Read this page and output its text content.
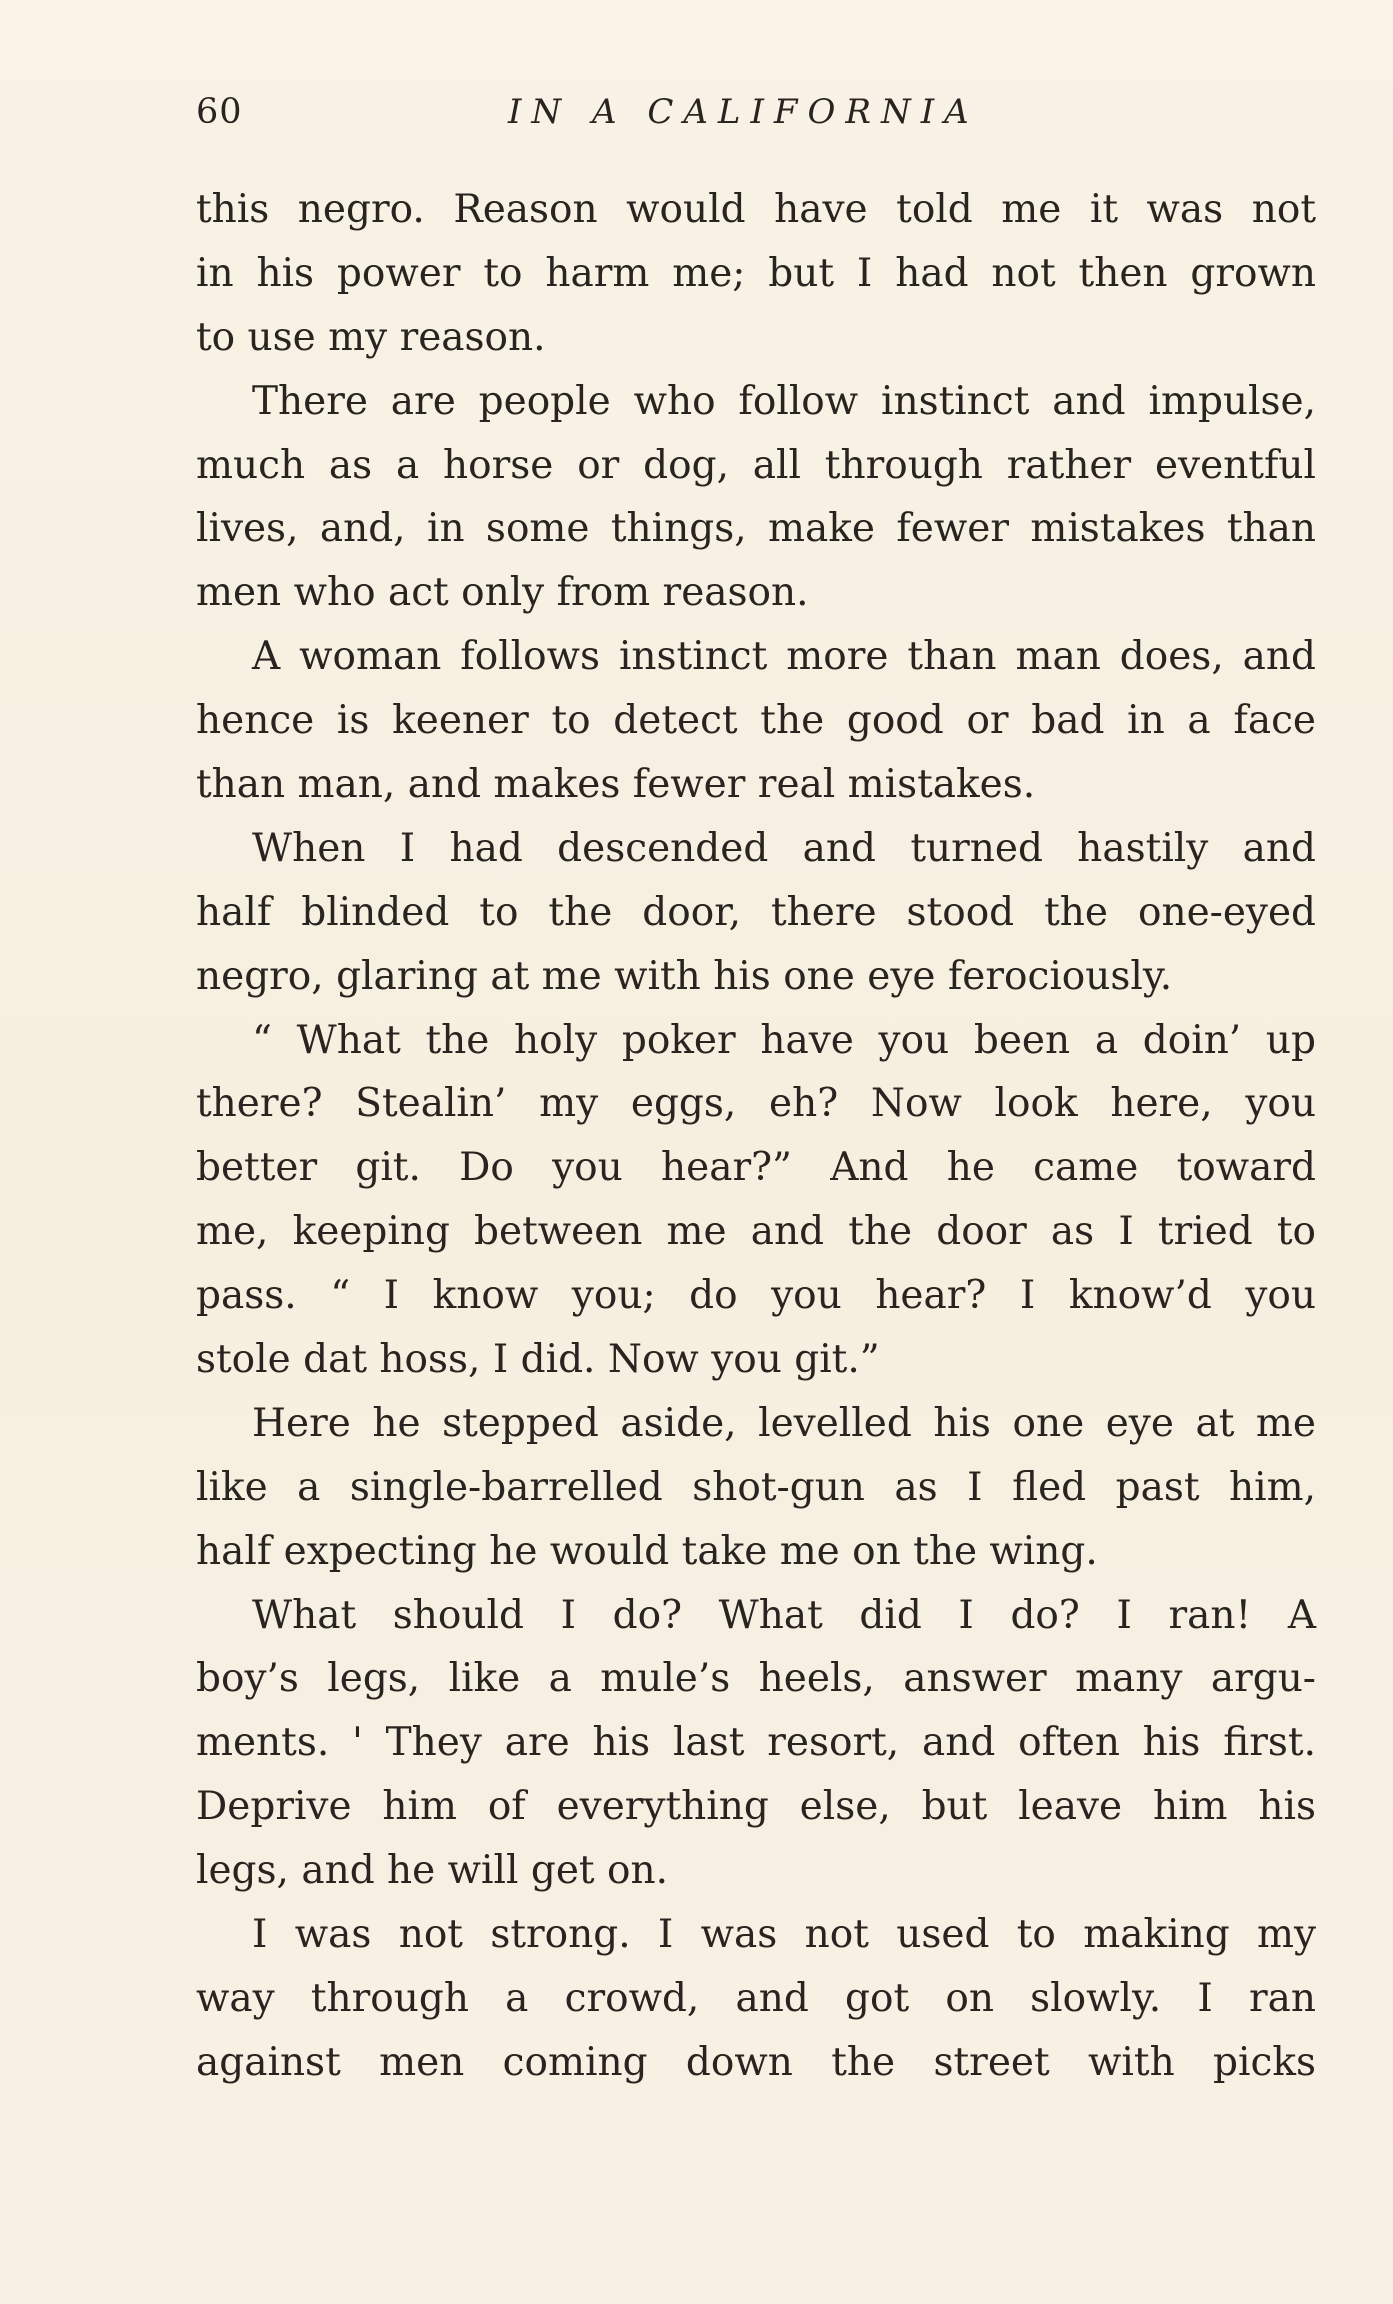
60	IN A CALIFORNIA
this negro. Reason would have told me it was not
in his power to harm me; but I had not then grown
to use my reason.
There are people who follow instinct and impulse,
much as a horse or dog, all through rather eventful
lives, and, in some things, make fewer mistakes than
men who act only from reason.
A woman follows instinct more than man does, and
hence is keener to detect the good or bad in a face
than man, and makes fewer real mistakes.
When I had descended and turned hastily and
half blinded to the door, there stood the one-eyed
negro, glaring at me with his one eye ferociously.
“ What the holy poker have you been a doin’ up
there? Stealin’ my eggs, eh? Now look here, you
better git. Do you hear?” And he came toward
me, keeping between me and the door as I tried to
pass. “ I know you; do you hear? I know’d you
stole dat hoss, I did. Now you git.”
Here he stepped aside, levelled his one eye at me
like a single-barrelled shot-gun as I fled past him,
half expecting he would take me on the wing.
What should I do? What did I do? I ran! A
boy’s legs, like a mule’s heels, answer many argu-
ments. ' They are his last resort, and often his first.
Deprive him of everything else, but leave him his
legs, and he will get on.
I was not strong. I was not used to making my
way through a crowd, and got on slowly. I ran
against men coming down the street with picks
